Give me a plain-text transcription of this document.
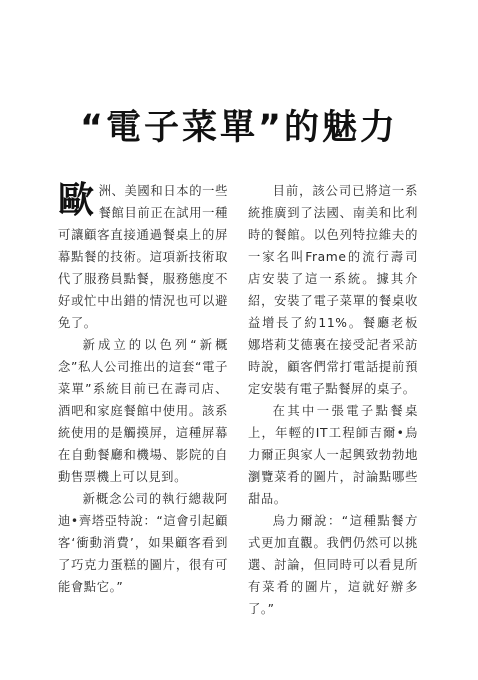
“電子菜單”的魅力

歐洲、美國和日本的一些餐館目前正在試用一種可讓顧客直接通過餐桌上的屏幕點餐的技術。這項新技術取代了服務員點餐，服務態度不好或忙中出錯的情況也可以避免了。

新成立的以色列“新概念”私人公司推出的這套“電子菜單”系統目前已在壽司店、酒吧和家庭餐館中使用。該系統使用的是觸摸屏，這種屏幕在自動餐廳和機場、影院的自動售票機上可以見到。

新概念公司的執行總裁阿迪•齊塔亞特說：“這會引起顧客‘衝動消費’，如果顧客看到了巧克力蛋糕的圖片，很有可能會點它。”

目前，該公司已將這一系統推廣到了法國、南美和比利時的餐館。以色列特拉維夫的一家名叫Frame的流行壽司店安裝了這一系統。據其介紹，安裝了電子菜單的餐桌收益增長了約11%。餐廳老板娜塔莉艾德裏在接受記者采訪時說，顧客們常打電話提前預定安裝有電子點餐屏的桌子。

在其中一張電子點餐桌上，年輕的IT工程師吉爾•烏力爾正與家人一起興致勃勃地瀏覽菜肴的圖片，討論點哪些甜品。

烏力爾說：“這種點餐方式更加直觀。我們仍然可以挑選、討論，但同時可以看見所有菜肴的圖片，這就好辦多了。”
